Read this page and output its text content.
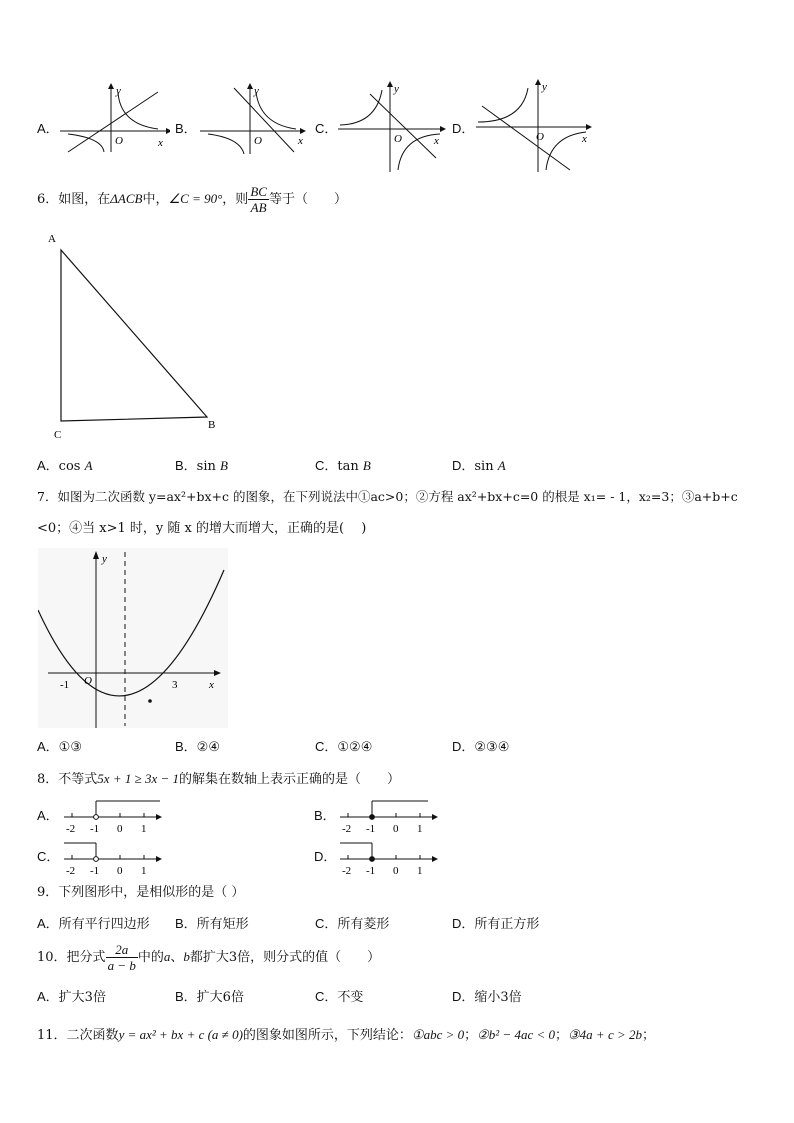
A．
y
x
O
B．
y
x
O
C．
y
x
O
D．
y
x
O
6．如图，在ΔACB中，∠C = 90°，则 $\frac{BC}{AB}$ 等于（　　）
A
C
B
A．cos A	B．sin B	C．tan B	D．sin A
7．如图为二次函数 y=ax²+bx+c 的图象，在下列说法中①ac>0；②方程 ax²+bx+c=0 的根是 x₁= - 1，x₂=3；③a+b+c
<0；④当 x>1 时，y 随 x 的增大而增大，正确的是(　 )
y
x
O
-1	3
A．①③	B．②④	C．①②④	D．②③④
8．不等式5x + 1 ≥ 3x − 1的解集在数轴上表示正确的是（　　）
A．
-2 -1 0 1
B．
-2 -1 0 1
C．
-2 -1 0 1
D．
-2 -1 0 1
9．下列图形中，是相似形的是（ ）
A．所有平行四边形 B．所有矩形	C．所有菱形	D．所有正方形
10．把分式 $\frac{2a}{a - b}$ 中的a、b都扩大3倍，则分式的值（　　）
A．扩大3倍	B．扩大6倍	C．不变	D．缩小3倍
11．二次函数y = ax² + bx + c (a ≠ 0)的图象如图所示，下列结论：①abc > 0；②b² − 4ac < 0；③4a + c > 2b；
